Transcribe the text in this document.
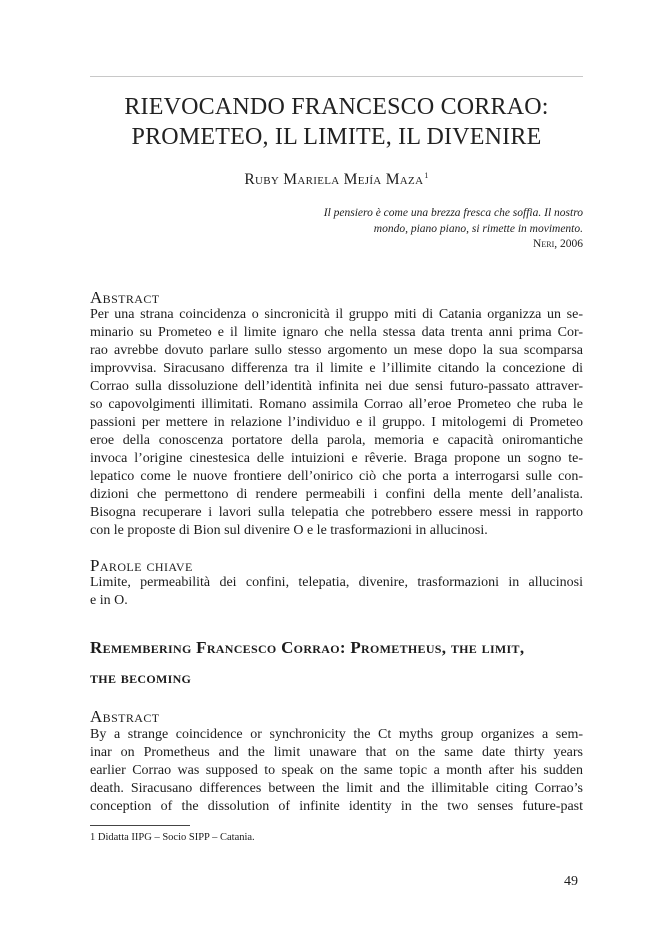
RIEVOCANDO FRANCESCO CORRAO:
PROMETEO, IL LIMITE, IL DIVENIRE
Ruby Mariela Mejía Maza$^1$
Il pensiero è come una brezza fresca che soffia. Il nostro
mondo, piano piano, si rimette in movimento.
Neri, 2006
Abstract
Per una strana coincidenza o sincronicità il gruppo miti di Catania organizza un se-
minario su Prometeo e il limite ignaro che nella stessa data trenta anni prima Cor-
rao avrebbe dovuto parlare sullo stesso argomento un mese dopo la sua scomparsa
improvvisa. Siracusano differenza tra il limite e l’illimite citando la concezione di
Corrao sulla dissoluzione dell’identità infinita nei due sensi futuro-passato attraver-
so capovolgimenti illimitati. Romano assimila Corrao all’eroe Prometeo che ruba le
passioni per mettere in relazione l’individuo e il gruppo. I mitologemi di Prometeo
eroe della conoscenza portatore della parola, memoria e capacità oniromantiche
invoca l’origine cinestesica delle intuizioni e rêverie. Braga propone un sogno te-
lepatico come le nuove frontiere dell’onirico ciò che porta a interrogarsi sulle con-
dizioni che permettono di rendere permeabili i confini della mente dell’analista.
Bisogna recuperare i lavori sulla telepatia che potrebbero essere messi in rapporto
con le proposte di Bion sul divenire O e le trasformazioni in allucinosi.
Parole chiave
Limite, permeabilità dei confini, telepatia, divenire, trasformazioni in allucinosi
e in O.
Remembering Francesco Corrao: Prometheus, the limit,
the becoming
Abstract
By a strange coincidence or synchronicity the Ct myths group organizes a sem-
inar on Prometheus and the limit unaware that on the same date thirty years
earlier Corrao was supposed to speak on the same topic a month after his sudden
death. Siracusano differences between the limit and the illimitable citing Corrao’s
conception of the dissolution of infinite identity in the two senses future-past
1 Didatta IIPG – Socio SIPP – Catania.
49
